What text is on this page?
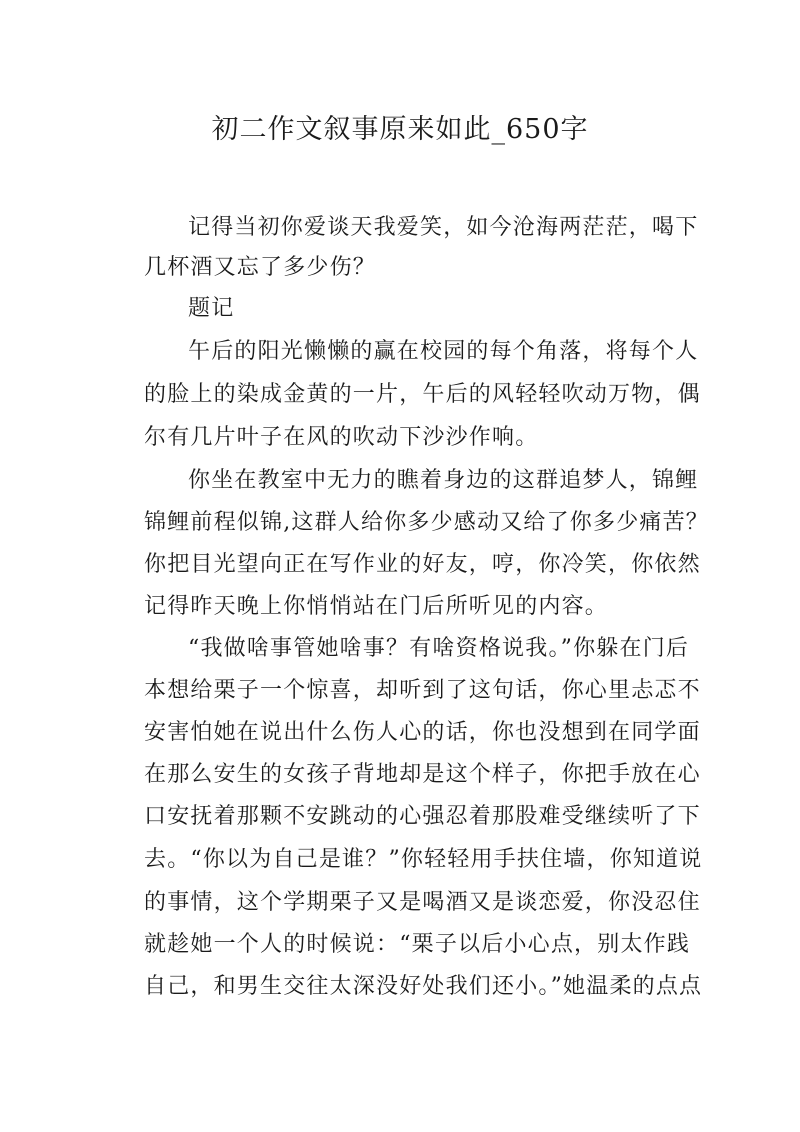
初二作文叙事原来如此_650字
记得当初你爱谈天我爱笑，如今沧海两茫茫，喝下
几杯酒又忘了多少伤？
题记
午后的阳光懒懒的赢在校园的每个角落，将每个人
的脸上的染成金黄的一片，午后的风轻轻吹动万物，偶
尔有几片叶子在风的吹动下沙沙作响。
你坐在教室中无力的瞧着身边的这群追梦人，锦鲤
锦鲤前程似锦,这群人给你多少感动又给了你多少痛苦？
你把目光望向正在写作业的好友，哼，你冷笑，你依然
记得昨天晚上你悄悄站在门后所听见的内容。
“我做啥事管她啥事？有啥资格说我。”你躲在门后
本想给栗子一个惊喜，却听到了这句话，你心里忐忑不
安害怕她在说出什么伤人心的话，你也没想到在同学面
在那么安生的女孩子背地却是这个样子，你把手放在心
口安抚着那颗不安跳动的心强忍着那股难受继续听了下
去。“你以为自己是谁？”你轻轻用手扶住墙，你知道说
的事情，这个学期栗子又是喝酒又是谈恋爱，你没忍住
就趁她一个人的时候说：“栗子以后小心点，别太作践
自己，和男生交往太深没好处我们还小。”她温柔的点点
